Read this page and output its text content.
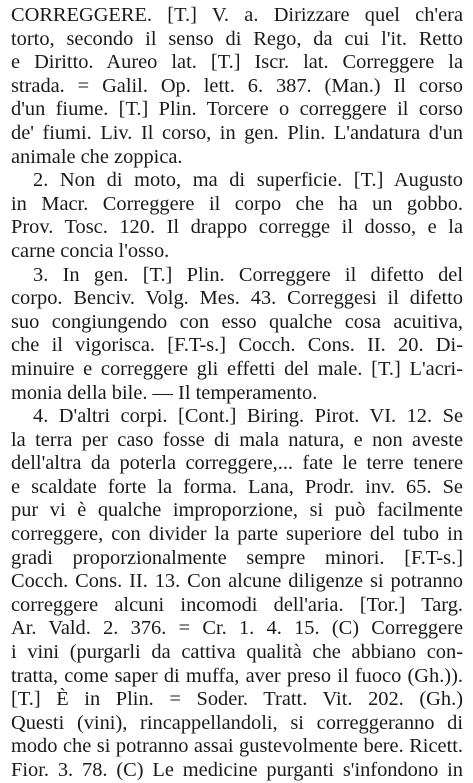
CORREGGERE. [T.] V. a. Dirizzare quel ch'era
torto, secondo il senso di Rego, da cui l'it. Retto
e Diritto. Aureo lat. [T.] Iscr. lat. Correggere la
strada. = Galil. Op. lett. 6. 387. (Man.) Il corso
d'un fiume. [T.] Plin. Torcere o correggere il corso
de' fiumi. Liv. Il corso, in gen. Plin. L'andatura d'un
animale che zoppica.
2. Non di moto, ma di superficie. [T.] Augusto
in Macr. Correggere il corpo che ha un gobbo.
Prov. Tosc. 120. Il drappo corregge il dosso, e la
carne concia l'osso.
3. In gen. [T.] Plin. Correggere il difetto del
corpo. Benciv. Volg. Mes. 43. Correggesi il difetto
suo congiungendo con esso qualche cosa acuitiva,
che il vigorisca. [F.T-s.] Cocch. Cons. II. 20. Di-
minuire e correggere gli effetti del male. [T.] L'acri-
monia della bile. — Il temperamento.
4. D'altri corpi. [Cont.] Biring. Pirot. VI. 12. Se
la terra per caso fosse di mala natura, e non aveste
dell'altra da poterla correggere,... fate le terre tenere
e scaldate forte la forma. Lana, Prodr. inv. 65. Se
pur vi è qualche improporzione, si può facilmente
correggere, con divider la parte superiore del tubo in
gradi proporzionalmente sempre minori. [F.T-s.]
Cocch. Cons. II. 13. Con alcune diligenze si potranno
correggere alcuni incomodi dell'aria. [Tor.] Targ.
Ar. Vald. 2. 376. = Cr. 1. 4. 15. (C) Correggere
i vini (purgarli da cattiva qualità che abbiano con-
tratta, come saper di muffa, aver preso il fuoco (Gh.)).
[T.] È in Plin. = Soder. Tratt. Vit. 202. (Gh.)
Questi (vini), rincappellandoli, si correggeranno di
modo che si potranno assai gustevolmente bere. Ricett.
Fior. 3. 78. (C) Le medicine purganti s'infondono in
